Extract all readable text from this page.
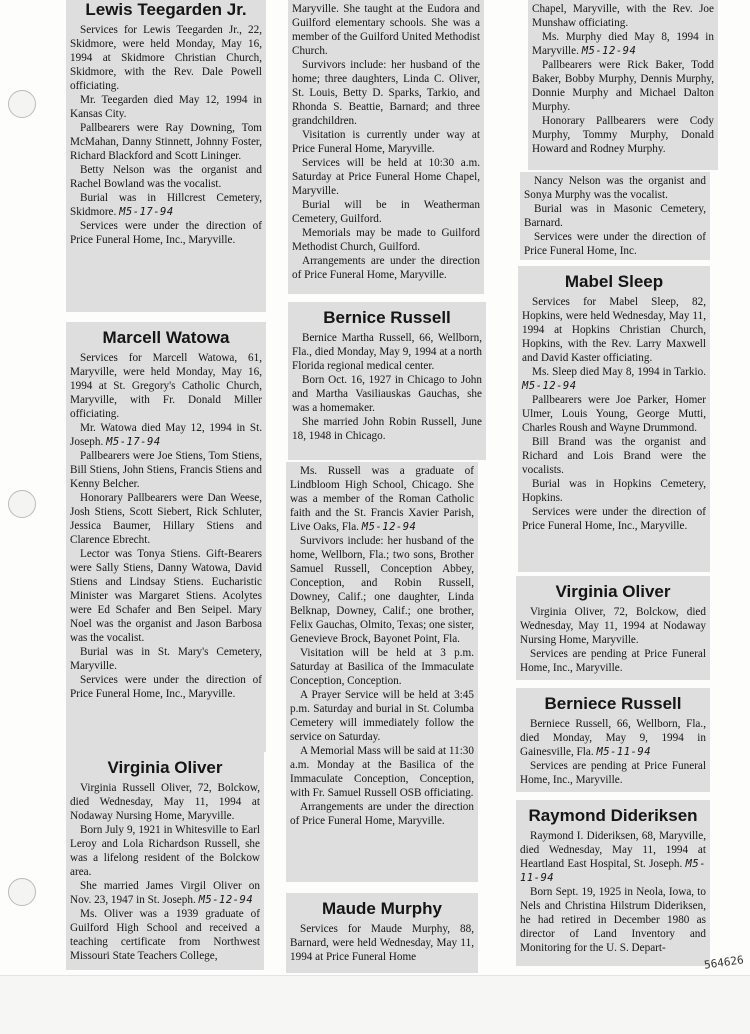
Lewis Teegarden Jr.

Services for Lewis Teegarden Jr., 22, Skidmore, were held Monday, May 16, 1994 at Skidmore Christian Church, Skidmore, with the Rev. Dale Powell officiating.

Mr. Teegarden died May 12, 1994 in Kansas City.

Pallbearers were Ray Downing, Tom McMahan, Danny Stinnett, Johnny Foster, Richard Blackford and Scott Lininger.

Betty Nelson was the organist and Rachel Bowland was the vocalist.

Burial was in Hillcrest Cemetery, Skidmore. M5-17-94

Services were under the direction of Price Funeral Home, Inc., Maryville.

Marcell Watowa

Services for Marcell Watowa, 61, Maryville, were held Monday, May 16, 1994 at St. Gregory's Catholic Church, Maryville, with Fr. Donald Miller officiating.

Mr. Watowa died May 12, 1994 in St. Joseph. M5-17-94

Pallbearers were Joe Stiens, Tom Stiens, Bill Stiens, John Stiens, Francis Stiens and Kenny Belcher.

Honorary Pallbearers were Dan Weese, Josh Stiens, Scott Siebert, Rick Schluter, Jessica Baumer, Hillary Stiens and Clarence Ebrecht.

Lector was Tonya Stiens. Gift-Bearers were Sally Stiens, Danny Watowa, David Stiens and Lindsay Stiens. Eucharistic Minister was Margaret Stiens. Acolytes were Ed Schafer and Ben Seipel. Mary Noel was the organist and Jason Barbosa was the vocalist.

Burial was in St. Mary's Cemetery, Maryville.

Services were under the direction of Price Funeral Home, Inc., Maryville.

Virginia Oliver

Virginia Russell Oliver, 72, Bolckow, died Wednesday, May 11, 1994 at Nodaway Nursing Home, Maryville.

Born July 9, 1921 in Whitesville to Earl Leroy and Lola Richardson Russell, she was a lifelong resident of the Bolckow area.

She married James Virgil Oliver on Nov. 23, 1947 in St. Joseph. M5-12-94

Ms. Oliver was a 1939 graduate of Guilford High School and received a teaching certificate from Northwest Missouri State Teachers College,

Maryville. She taught at the Eudora and Guilford elementary schools. She was a member of the Guilford United Methodist Church.

Survivors include: her husband of the home; three daughters, Linda C. Oliver, St. Louis, Betty D. Sparks, Tarkio, and Rhonda S. Beattie, Barnard; and three grandchildren.

Visitation is currently under way at Price Funeral Home, Maryville.

Services will be held at 10:30 a.m. Saturday at Price Funeral Home Chapel, Maryville.

Burial will be in Weatherman Cemetery, Guilford.

Memorials may be made to Guilford Methodist Church, Guilford.

Arrangements are under the direction of Price Funeral Home, Maryville.

Bernice Russell

Bernice Martha Russell, 66, Wellborn, Fla., died Monday, May 9, 1994 at a north Florida regional medical center.

Born Oct. 16, 1927 in Chicago to John and Martha Vasiliauskas Gauchas, she was a homemaker.

She married John Robin Russell, June 18, 1948 in Chicago.

Ms. Russell was a graduate of Lindbloom High School, Chicago. She was a member of the Roman Catholic faith and the St. Francis Xavier Parish, Live Oaks, Fla. M5-12-94

Survivors include: her husband of the home, Wellborn, Fla.; two sons, Brother Samuel Russell, Conception Abbey, Conception, and Robin Russell, Downey, Calif.; one daughter, Linda Belknap, Downey, Calif.; one brother, Felix Gauchas, Olmito, Texas; one sister, Genevieve Brock, Bayonet Point, Fla.

Visitation will be held at 3 p.m. Saturday at Basilica of the Immaculate Conception, Conception.

A Prayer Service will be held at 3:45 p.m. Saturday and burial in St. Columba Cemetery will immediately follow the service on Saturday.

A Memorial Mass will be said at 11:30 a.m. Monday at the Basilica of the Immaculate Conception, Conception, with Fr. Samuel Russell OSB officiating.

Arrangements are under the direction of Price Funeral Home, Maryville.

Maude Murphy

Services for Maude Murphy, 88, Barnard, were held Wednesday, May 11, 1994 at Price Funeral Home

Chapel, Maryville, with the Rev. Joe Munshaw officiating.

Ms. Murphy died May 8, 1994 in Maryville. M5-12-94

Pallbearers were Rick Baker, Todd Baker, Bobby Murphy, Dennis Murphy, Donnie Murphy and Michael Dalton Murphy.

Honorary Pallbearers were Cody Murphy, Tommy Murphy, Donald Howard and Rodney Murphy.

Nancy Nelson was the organist and Sonya Murphy was the vocalist.

Burial was in Masonic Cemetery, Barnard.

Services were under the direction of Price Funeral Home, Inc.

Mabel Sleep

Services for Mabel Sleep, 82, Hopkins, were held Wednesday, May 11, 1994 at Hopkins Christian Church, Hopkins, with the Rev. Larry Maxwell and David Kaster officiating.

Ms. Sleep died May 8, 1994 in Tarkio. M5-12-94

Pallbearers were Joe Parker, Homer Ulmer, Louis Young, George Mutti, Charles Roush and Wayne Drummond.

Bill Brand was the organist and Richard and Lois Brand were the vocalists.

Burial was in Hopkins Cemetery, Hopkins.

Services were under the direction of Price Funeral Home, Inc., Maryville.

Virginia Oliver

Virginia Oliver, 72, Bolckow, died Wednesday, May 11, 1994 at Nodaway Nursing Home, Maryville.

Services are pending at Price Funeral Home, Inc., Maryville.

Berniece Russell

Berniece Russell, 66, Wellborn, Fla., died Monday, May 9, 1994 in Gainesville, Fla. M5-11-94

Services are pending at Price Funeral Home, Inc., Maryville.

Raymond Dideriksen

Raymond I. Dideriksen, 68, Maryville, died Wednesday, May 11, 1994 at Heartland East Hospital, St. Joseph. M5-11-94

Born Sept. 19, 1925 in Neola, Iowa, to Nels and Christina Hilstrum Dideriksen, he had retired in December 1980 as director of Land Inventory and Monitoring for the U. S. Depart-

564626
